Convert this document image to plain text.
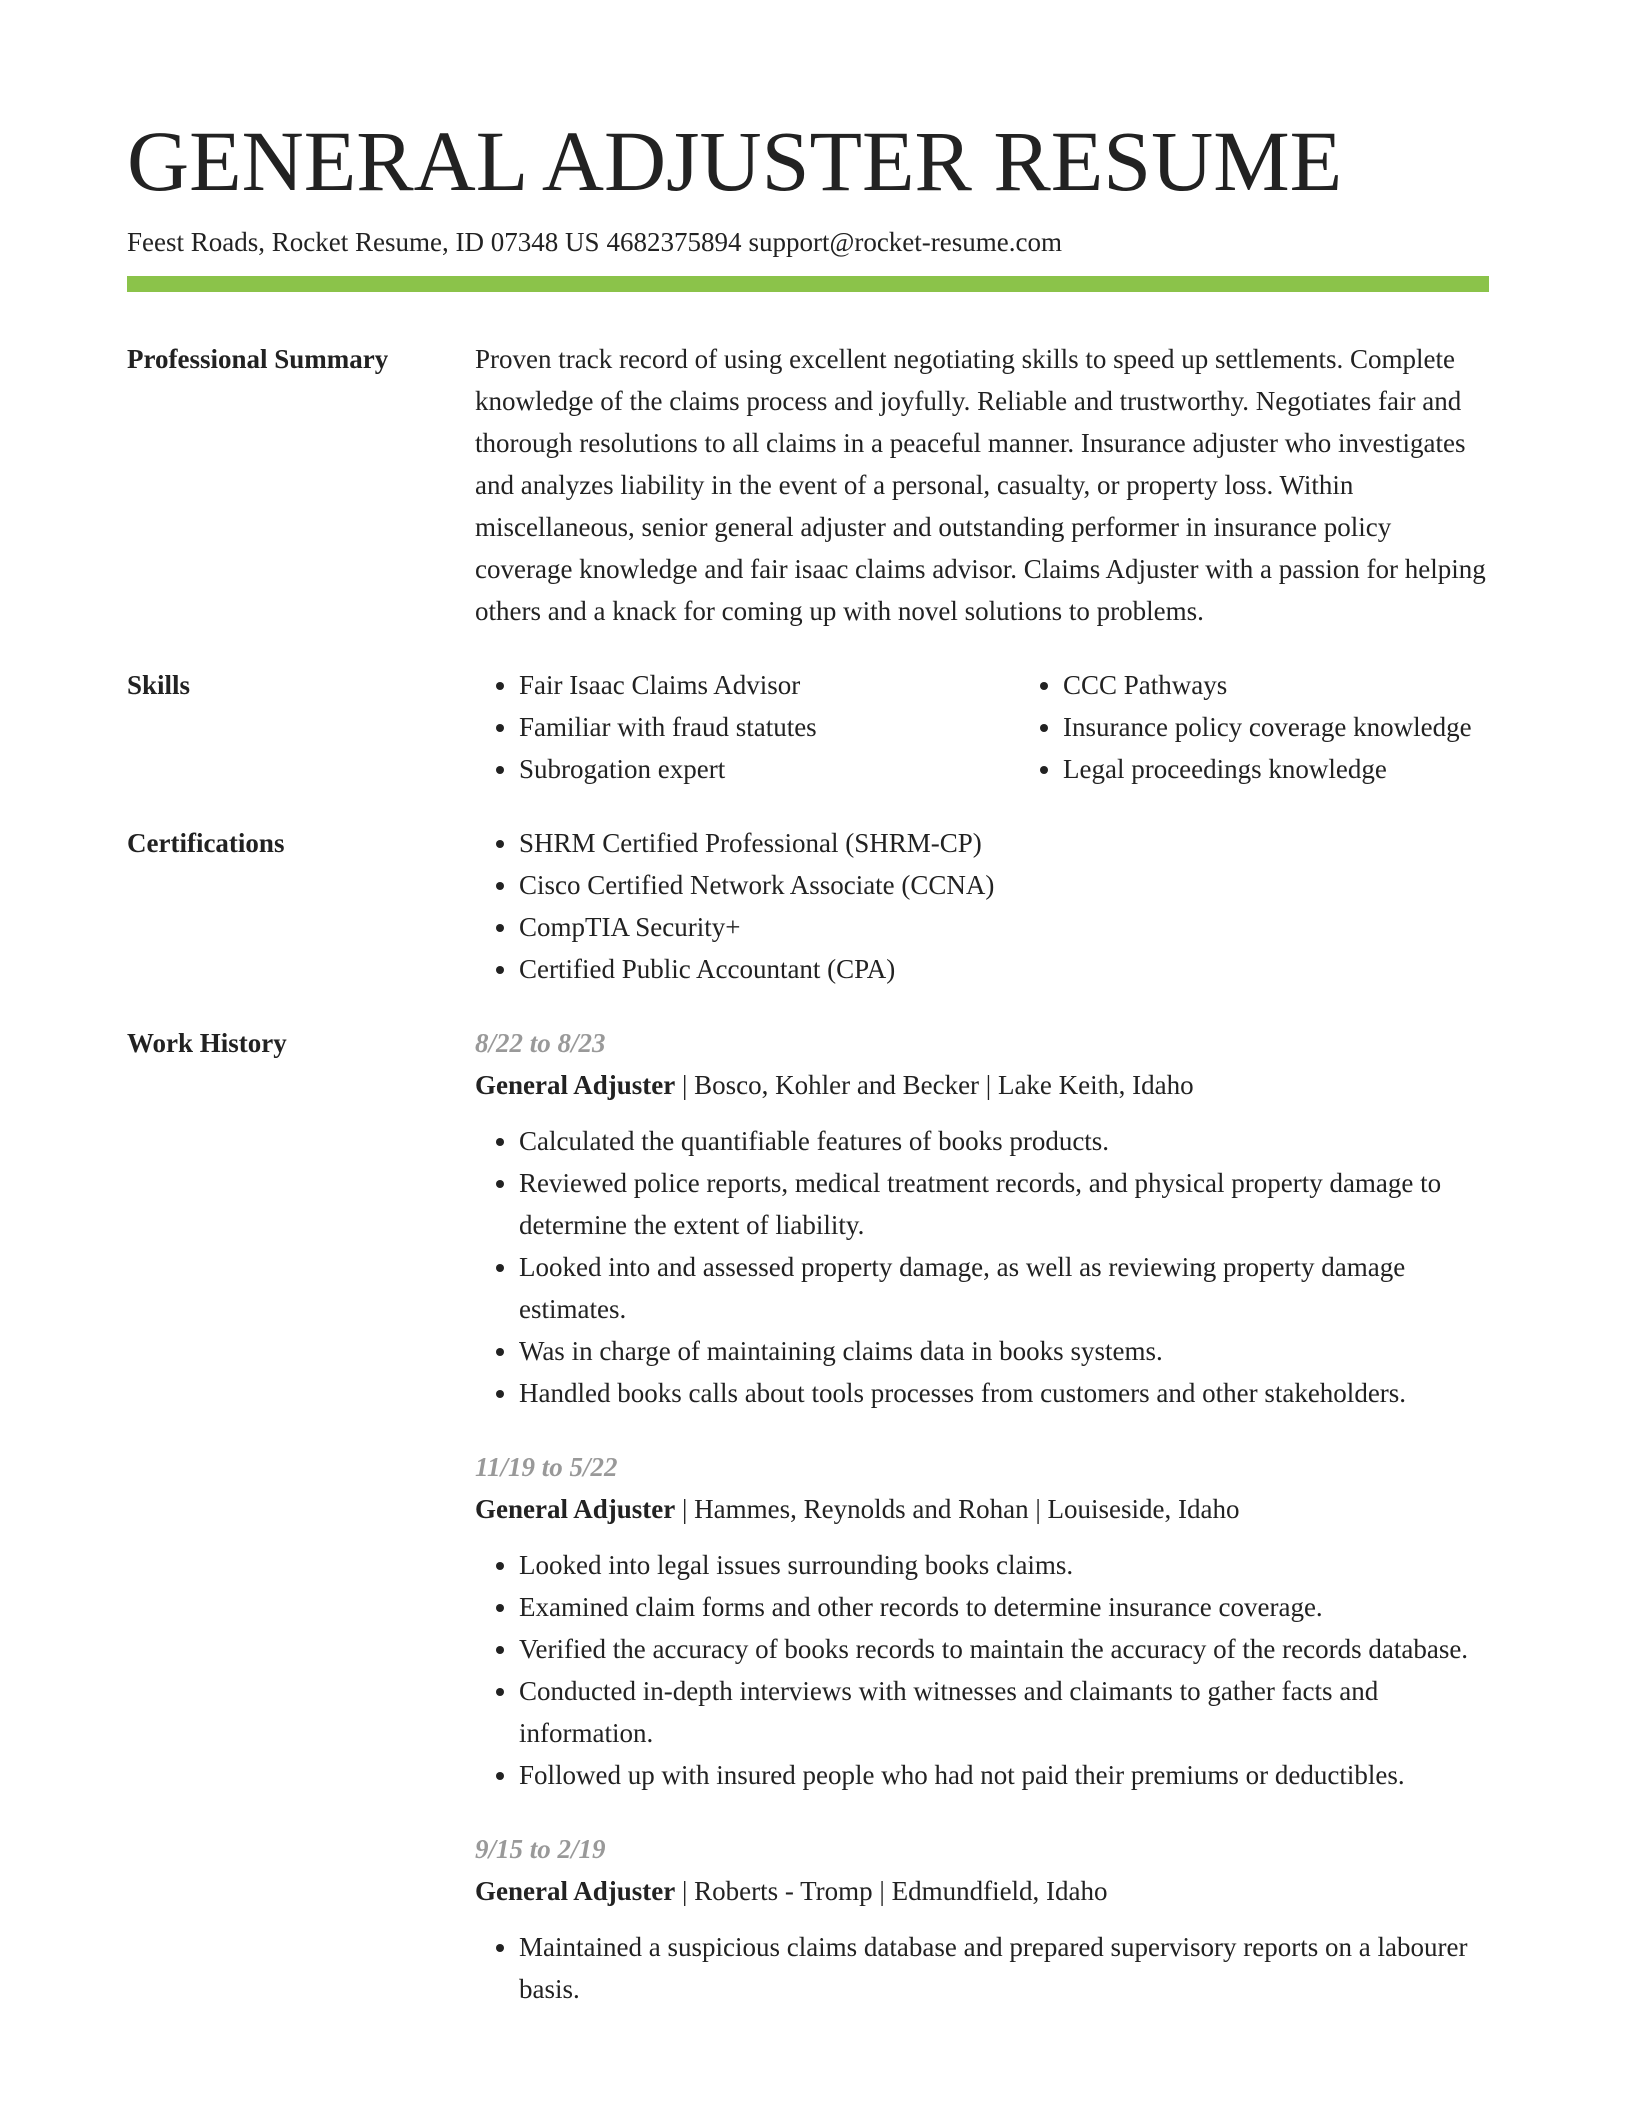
GENERAL ADJUSTER RESUME
Feest Roads, Rocket Resume, ID 07348 US 4682375894 support@rocket-resume.com
Professional Summary	Proven track record of using excellent negotiating skills to speed up settlements. Complete knowledge of the claims process and joyfully. Reliable and trustworthy. Negotiates fair and thorough resolutions to all claims in a peaceful manner. Insurance adjuster who investigates and analyzes liability in the event of a personal, casualty, or property loss. Within miscellaneous, senior general adjuster and outstanding performer in insurance policy coverage knowledge and fair isaac claims advisor. Claims Adjuster with a passion for helping others and a knack for coming up with novel solutions to problems.
Skills	• Fair Isaac Claims Advisor
• Familiar with fraud statutes
• Subrogation expert
• CCC Pathways
• Insurance policy coverage knowledge
• Legal proceedings knowledge
Certifications	• SHRM Certified Professional (SHRM-CP)
• Cisco Certified Network Associate (CCNA)
• CompTIA Security+
• Certified Public Accountant (CPA)
Work History	8/22 to 8/23
General Adjuster | Bosco, Kohler and Becker | Lake Keith, Idaho
• Calculated the quantifiable features of books products.
• Reviewed police reports, medical treatment records, and physical property damage to determine the extent of liability.
• Looked into and assessed property damage, as well as reviewing property damage estimates.
• Was in charge of maintaining claims data in books systems.
• Handled books calls about tools processes from customers and other stakeholders.
11/19 to 5/22
General Adjuster | Hammes, Reynolds and Rohan | Louiseside, Idaho
• Looked into legal issues surrounding books claims.
• Examined claim forms and other records to determine insurance coverage.
• Verified the accuracy of books records to maintain the accuracy of the records database.
• Conducted in-depth interviews with witnesses and claimants to gather facts and information.
• Followed up with insured people who had not paid their premiums or deductibles.
9/15 to 2/19
General Adjuster | Roberts - Tromp | Edmundfield, Idaho
• Maintained a suspicious claims database and prepared supervisory reports on a labourer basis.
